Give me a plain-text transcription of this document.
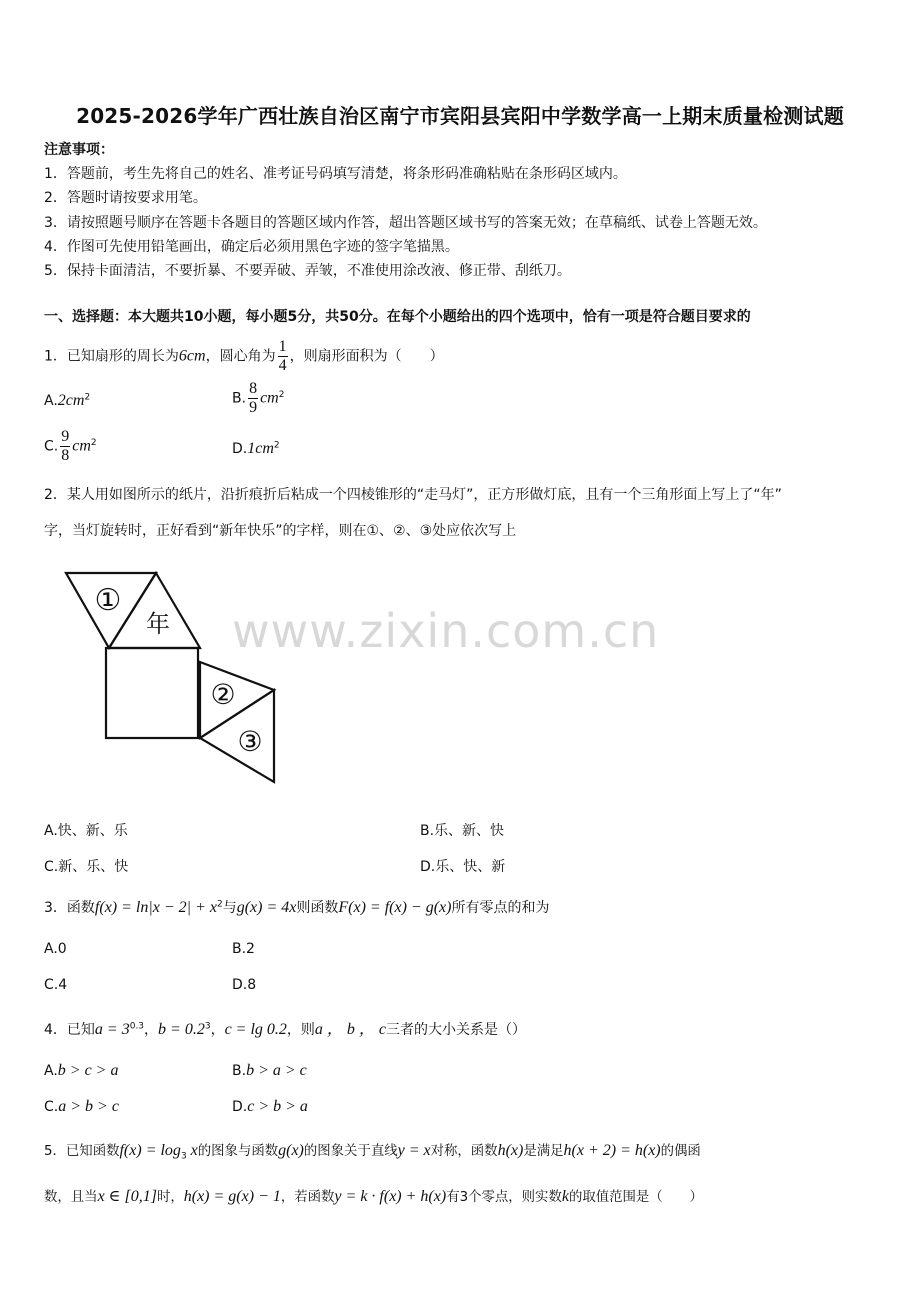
2025-2026学年广西壮族自治区南宁市宾阳县宾阳中学数学高一上期末质量检测试题
注意事项：
1．答题前，考生先将自己的姓名、准考证号码填写清楚，将条形码准确粘贴在条形码区域内。
2．答题时请按要求用笔。
3．请按照题号顺序在答题卡各题目的答题区域内作答，超出答题区域书写的答案无效；在草稿纸、试卷上答题无效。
4．作图可先使用铅笔画出，确定后必须用黑色字迹的签字笔描黑。
5．保持卡面清洁，不要折暴、不要弄破、弄皱，不准使用涂改液、修正带、刮纸刀。
一、选择题：本大题共10小题，每小题5分，共50分。在每个小题给出的四个选项中，恰有一项是符合题目要求的
1．已知扇形的周长为6cm，圆心角为 $\frac{1}{4}$ ，则扇形面积为（　　）
$A.2cm^2$	B. $\frac{8}{9} cm^2$
C. $\frac{9}{8} cm^2$	$D.1cm^2$
2．某人用如图所示的纸片，沿折痕折后粘成一个四棱锥形的“走马灯”，正方形做灯底，且有一个三角形面上写上了“年”
字，当灯旋转时，正好看到“新年快乐”的字样，则在①、②、③处应依次写上
①
年
②
③
www.zixin.com.cn
A.快、新、乐	B.乐、新、快
C.新、乐、快	D.乐、快、新
3．函数$f(x) = \ln|x - 2| + x^2$与g(x) = 4x则函数F(x) = f(x) − g(x)所有零点的和为
A.0	B.2
C.4	D.8
4．已知$a = 3^{0.3}$，$b = 0.2^3$，c = lg 0.2，则a ， b ， c三者的大小关系是（）
A.b > c > a	B.b > a > c
C.a > b > c	D.c > b > a
5．已知函数$f(x) = \log_3 x$的图象与函数g(x)的图象关于直线y = x对称，函数h(x)是满足h(x + 2) = h(x)的偶函
数，且当x ∈ [0,1]时，h(x) = g(x) − 1，若函数y = k · f(x) + h(x)有3个零点，则实数k的取值范围是（　　）
